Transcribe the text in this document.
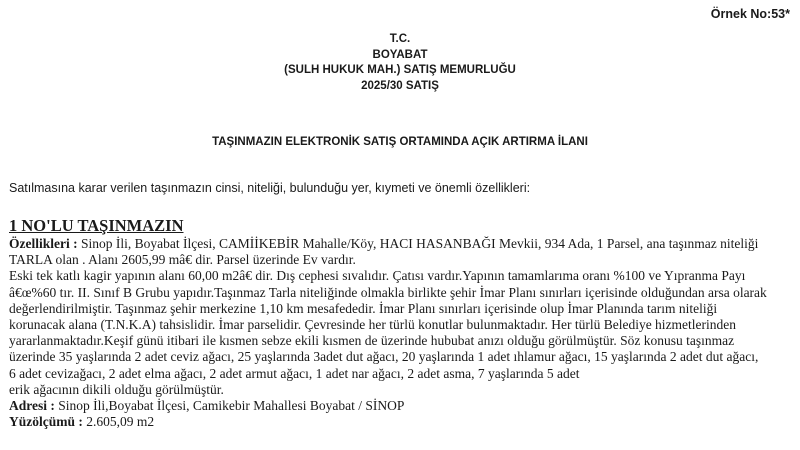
Örnek No:53*
T.C.
BOYABAT
(SULH HUKUK MAH.) SATIŞ MEMURLUĞU
2025/30 SATIŞ
TAŞINMAZIN ELEKTRONİK SATIŞ ORTAMINDA AÇIK ARTIRMA İLANI
Satılmasına karar verilen taşınmazın cinsi, niteliği, bulunduğu yer, kıymeti ve önemli özellikleri:
1 NO'LU TAŞINMAZIN
Özellikleri : Sinop İli, Boyabat İlçesi, CAMİİKEBİR Mahalle/Köy, HACI HASANBAĞI Mevkii, 934 Ada, 1 Parsel, ana taşınmaz niteliği
TARLA olan . Alanı 2605,99 mâ€ dir. Parsel üzerinde Ev vardır.
Eski tek katlı kagir yapının alanı 60,00 m2â€ dir. Dış cephesi sıvalıdır. Çatısı vardır.Yapının tamamlarıma oranı %100 ve Yıpranma Payı
â€œ%60 tır. II. Sınıf B Grubu yapıdır.Taşınmaz Tarla niteliğinde olmakla birlikte şehir İmar Planı sınırları içerisinde olduğundan arsa olarak
değerlendirilmiştir. Taşınmaz şehir merkezine 1,10 km mesafededir. İmar Planı sınırları içerisinde olup İmar Planında tarım niteliği
korunacak alana (T.N.K.A) tahsislidir. İmar parselidir. Çevresinde her türlü konutlar bulunmaktadır. Her türlü Belediye hizmetlerinden
yararlanmaktadır.Keşif günü itibari ile kısmen sebze ekili kısmen de üzerinde hububat anızı olduğu görülmüştür. Söz konusu taşınmaz
üzerinde 35 yaşlarında 2 adet ceviz ağacı, 25 yaşlarında 3adet dut ağacı, 20 yaşlarında 1 adet ıhlamur ağacı, 15 yaşlarında 2 adet dut ağacı,
6 adet cevizağacı, 2 adet elma ağacı, 2 adet armut ağacı, 1 adet nar ağacı, 2 adet asma, 7 yaşlarında 5 adet
erik ağacının dikili olduğu görülmüştür.
Adresi : Sinop İli,Boyabat İlçesi, Camikebir Mahallesi Boyabat / SİNOP
Yüzölçümü : 2.605,09 m2
